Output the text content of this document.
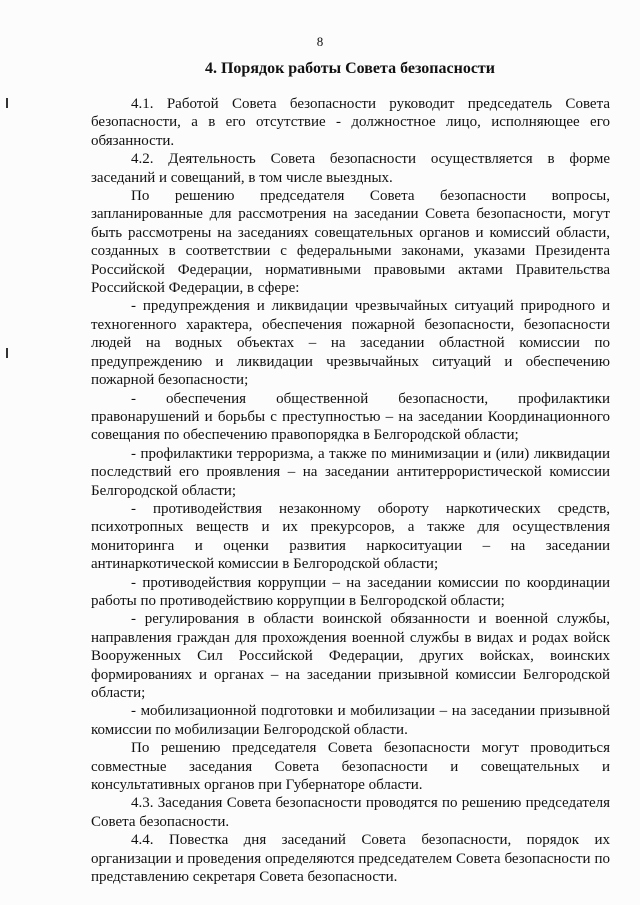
8
4. Порядок работы Совета безопасности

4.1. Работой Совета безопасности руководит председатель Совета безопасности, а в его отсутствие - должностное лицо, исполняющее его обязанности.

4.2. Деятельность Совета безопасности осуществляется в форме заседаний и совещаний, в том числе выездных.

По решению председателя Совета безопасности вопросы, запланированные для рассмотрения на заседании Совета безопасности, могут быть рассмотрены на заседаниях совещательных органов и комиссий области, созданных в соответствии с федеральными законами, указами Президента Российской Федерации, нормативными правовыми актами Правительства Российской Федерации, в сфере:

- предупреждения и ликвидации чрезвычайных ситуаций природного и техногенного характера, обеспечения пожарной безопасности, безопасности людей на водных объектах – на заседании областной комиссии по предупреждению и ликвидации чрезвычайных ситуаций и обеспечению пожарной безопасности;

- обеспечения общественной безопасности, профилактики правонарушений и борьбы с преступностью – на заседании Координационного совещания по обеспечению правопорядка в Белгородской области;

- профилактики терроризма, а также по минимизации и (или) ликвидации последствий его проявления – на заседании антитеррористической комиссии Белгородской области;

- противодействия незаконному обороту наркотических средств, психотропных веществ и их прекурсоров, а также для осуществления мониторинга и оценки развития наркоситуации – на заседании антинаркотической комиссии в Белгородской области;

- противодействия коррупции – на заседании комиссии по координации работы по противодействию коррупции в Белгородской области;

- регулирования в области воинской обязанности и военной службы, направления граждан для прохождения военной службы в видах и родах войск Вооруженных Сил Российской Федерации, других войсках, воинских формированиях и органах – на заседании призывной комиссии Белгородской области;

- мобилизационной подготовки и мобилизации – на заседании призывной комиссии по мобилизации Белгородской области.

По решению председателя Совета безопасности могут проводиться совместные заседания Совета безопасности и совещательных и консультативных органов при Губернаторе области.

4.3. Заседания Совета безопасности проводятся по решению председателя Совета безопасности.

4.4. Повестка дня заседаний Совета безопасности, порядок их организации и проведения определяются председателем Совета безопасности по представлению секретаря Совета безопасности.
